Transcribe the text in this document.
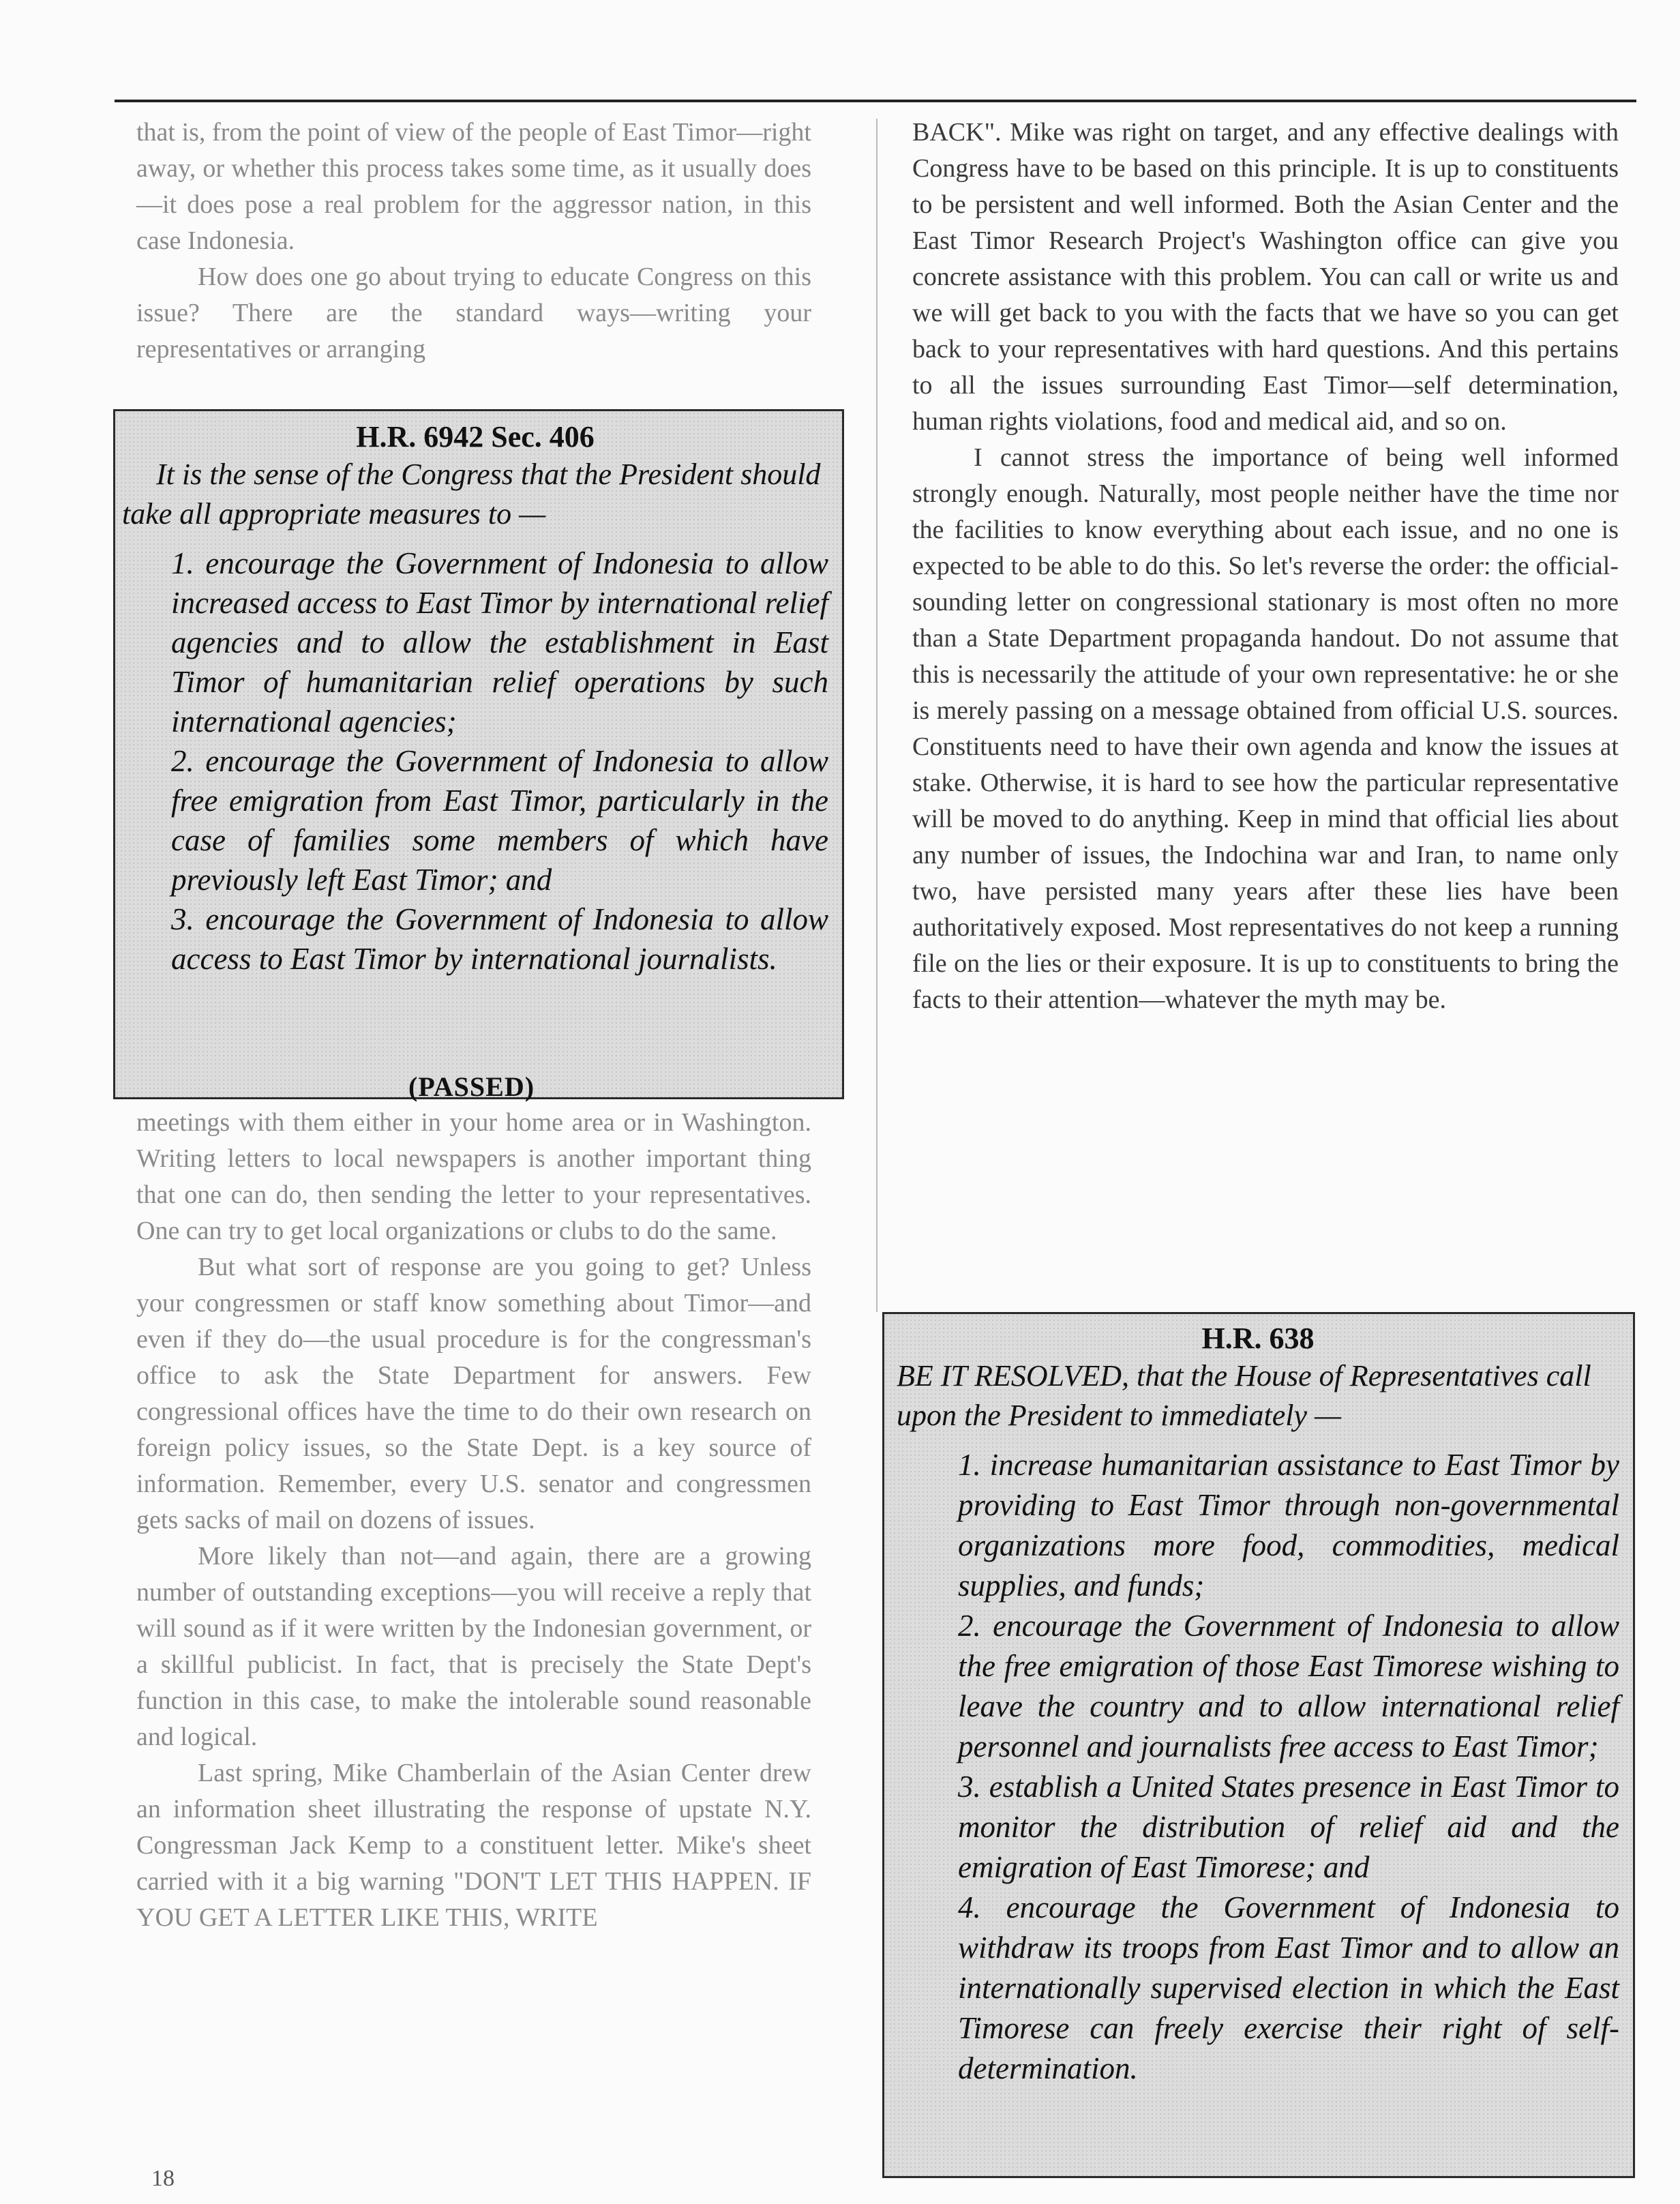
that is, from the point of view of the people of East Timor—right away, or whether this process takes some time, as it usually does—it does pose a real problem for the aggressor nation, in this case Indonesia.

How does one go about trying to educate Congress on this issue? There are the standard ways—writing your representatives or arranging

H.R. 6942 Sec. 406
It is the sense of the Congress that the President should take all appropriate measures to —

1. encourage the Government of Indonesia to allow increased access to East Timor by international relief agencies and to allow the establishment in East Timor of humanitarian relief operations by such international agencies;

2. encourage the Government of Indonesia to allow free emigration from East Timor, particularly in the case of families some members of which have previously left East Timor; and

3. encourage the Government of Indonesia to allow access to East Timor by international journalists.

(PASSED)

meetings with them either in your home area or in Washington. Writing letters to local newspapers is another important thing that one can do, then sending the letter to your representatives. One can try to get local organizations or clubs to do the same.

But what sort of response are you going to get? Unless your congressmen or staff know something about Timor—and even if they do—the usual procedure is for the congressman's office to ask the State Department for answers. Few congressional offices have the time to do their own research on foreign policy issues, so the State Dept. is a key source of information. Remember, every U.S. senator and congressmen gets sacks of mail on dozens of issues.

More likely than not—and again, there are a growing number of outstanding exceptions—you will receive a reply that will sound as if it were written by the Indonesian government, or a skillful publicist. In fact, that is precisely the State Dept's function in this case, to make the intolerable sound reasonable and logical.

Last spring, Mike Chamberlain of the Asian Center drew an information sheet illustrating the response of upstate N.Y. Congressman Jack Kemp to a constituent letter. Mike's sheet carried with it a big warning "DON'T LET THIS HAPPEN. IF YOU GET A LETTER LIKE THIS, WRITE

BACK". Mike was right on target, and any effective dealings with Congress have to be based on this principle. It is up to constituents to be persistent and well informed. Both the Asian Center and the East Timor Research Project's Washington office can give you concrete assistance with this problem. You can call or write us and we will get back to you with the facts that we have so you can get back to your representatives with hard questions. And this pertains to all the issues surrounding East Timor—self determination, human rights violations, food and medical aid, and so on.

I cannot stress the importance of being well informed strongly enough. Naturally, most people neither have the time nor the facilities to know everything about each issue, and no one is expected to be able to do this. So let's reverse the order: the official-sounding letter on congressional stationary is most often no more than a State Department propaganda handout. Do not assume that this is necessarily the attitude of your own representative: he or she is merely passing on a message obtained from official U.S. sources. Constituents need to have their own agenda and know the issues at stake. Otherwise, it is hard to see how the particular representative will be moved to do anything. Keep in mind that official lies about any number of issues, the Indochina war and Iran, to name only two, have persisted many years after these lies have been authoritatively exposed. Most representatives do not keep a running file on the lies or their exposure. It is up to constituents to bring the facts to their attention—whatever the myth may be.

H.R. 638
BE IT RESOLVED, that the House of Representatives call upon the President to immediately —

1. increase humanitarian assistance to East Timor by providing to East Timor through non-governmental organizations more food, commodities, medical supplies, and funds;

2. encourage the Government of Indonesia to allow the free emigration of those East Timorese wishing to leave the country and to allow international relief personnel and journalists free access to East Timor;

3. establish a United States presence in East Timor to monitor the distribution of relief aid and the emigration of East Timorese; and

4. encourage the Government of Indonesia to withdraw its troops from East Timor and to allow an internationally supervised election in which the East Timorese can freely exercise their right of self-determination.

18
